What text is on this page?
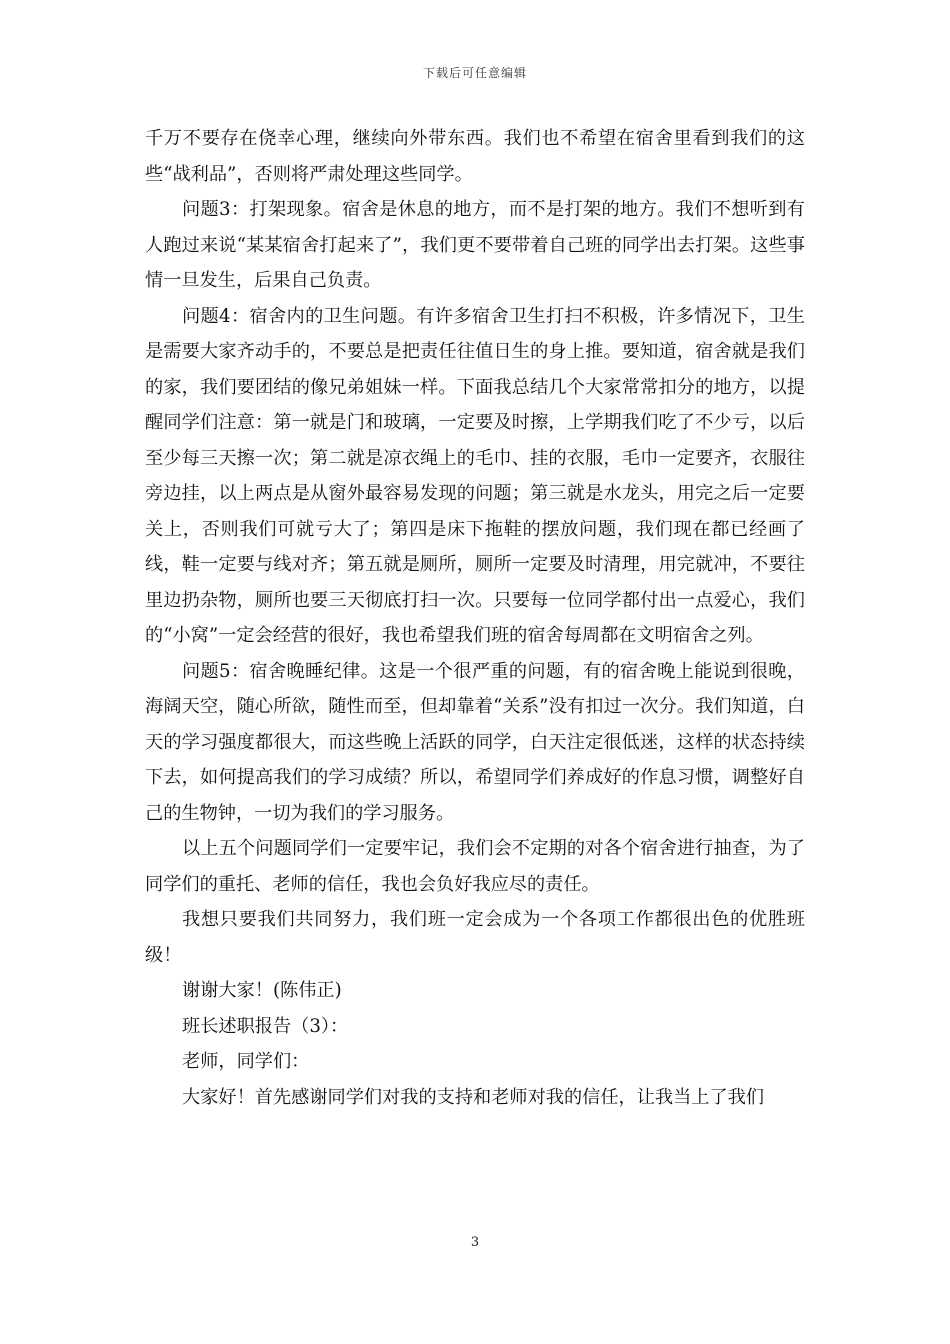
下载后可任意编辑

千万不要存在侥幸心理，继续向外带东西。我们也不希望在宿舍里看到我们的这些“战利品”，否则将严肃处理这些同学。

问题3：打架现象。宿舍是休息的地方，而不是打架的地方。我们不想听到有人跑过来说“某某宿舍打起来了”，我们更不要带着自己班的同学出去打架。这些事情一旦发生，后果自己负责。

问题4：宿舍内的卫生问题。有许多宿舍卫生打扫不积极，许多情况下，卫生是需要大家齐动手的，不要总是把责任往值日生的身上推。要知道，宿舍就是我们的家，我们要团结的像兄弟姐妹一样。下面我总结几个大家常常扣分的地方，以提醒同学们注意：第一就是门和玻璃，一定要及时擦，上学期我们吃了不少亏，以后至少每三天擦一次；第二就是凉衣绳上的毛巾、挂的衣服，毛巾一定要齐，衣服往旁边挂，以上两点是从窗外最容易发现的问题；第三就是水龙头，用完之后一定要关上，否则我们可就亏大了；第四是床下拖鞋的摆放问题，我们现在都已经画了线，鞋一定要与线对齐；第五就是厕所，厕所一定要及时清理，用完就冲，不要往里边扔杂物，厕所也要三天彻底打扫一次。只要每一位同学都付出一点爱心，我们的“小窝”一定会经营的很好，我也希望我们班的宿舍每周都在文明宿舍之列。

问题5：宿舍晚睡纪律。这是一个很严重的问题，有的宿舍晚上能说到很晚，海阔天空，随心所欲，随性而至，但却靠着“关系”没有扣过一次分。我们知道，白天的学习强度都很大，而这些晚上活跃的同学，白天注定很低迷，这样的状态持续下去，如何提高我们的学习成绩？所以，希望同学们养成好的作息习惯，调整好自己的生物钟，一切为我们的学习服务。

以上五个问题同学们一定要牢记，我们会不定期的对各个宿舍进行抽查，为了同学们的重托、老师的信任，我也会负好我应尽的责任。

我想只要我们共同努力，我们班一定会成为一个各项工作都很出色的优胜班级！

谢谢大家！(陈伟正)

班长述职报告（3）：

老师，同学们：

大家好！首先感谢同学们对我的支持和老师对我的信任，让我当上了我们

3
